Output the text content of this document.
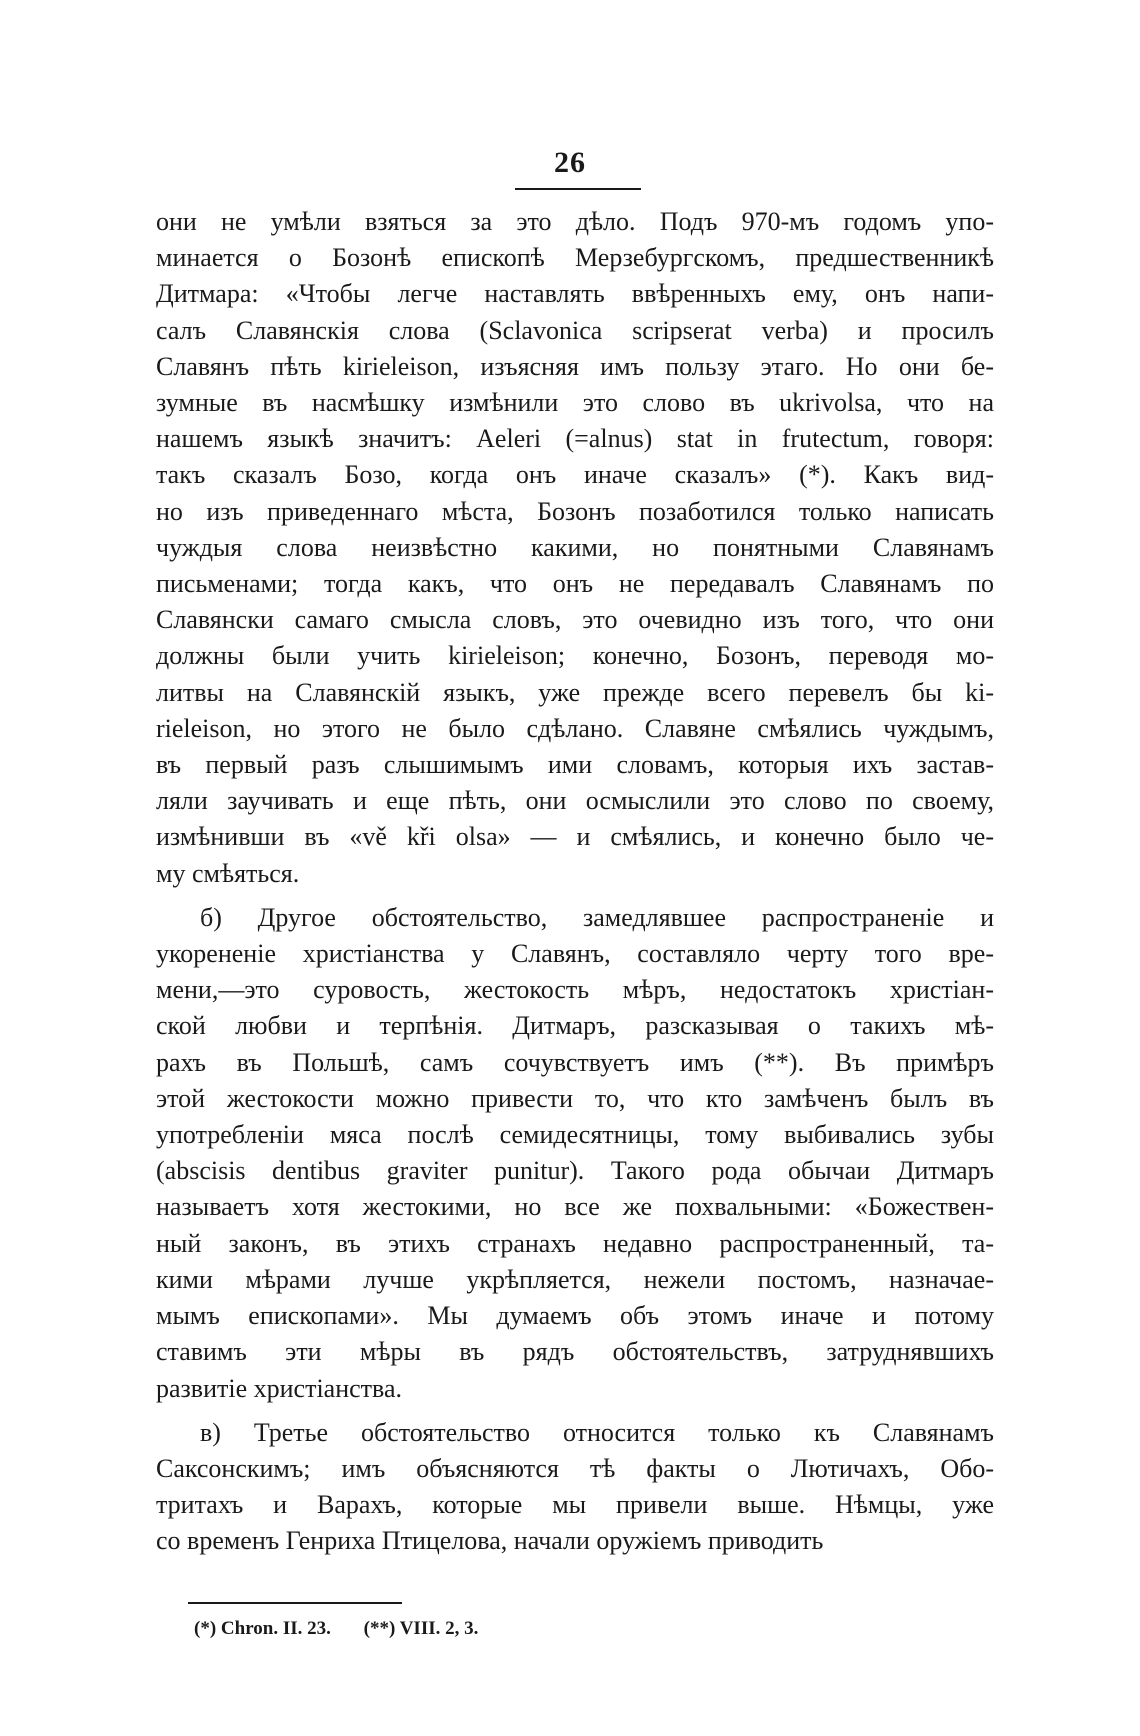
26
они не умѣли взяться за это дѣло. Подъ 970-мъ годомъ упо-
минается о Бозонѣ епископѣ Мерзебургскомъ, предшественникѣ
Дитмара: «Чтобы легче наставлять ввѣренныхъ ему, онъ напи-
салъ Славянскія слова (Sclavonica scripserat verba) и просилъ
Славянъ пѣть kirieleison, изъясняя имъ пользу этаго. Но они бе-
зумные въ насмѣшку измѣнили это слово въ ukrivolsa, что на
нашемъ языкѣ значитъ: Aeleri (=alnus) stat in frutectum, говоря:
такъ сказалъ Бозо, когда онъ иначе сказалъ» (*). Какъ вид-
но изъ приведеннаго мѣста, Бозонъ позаботился только написать
чуждыя слова неизвѣстно какими, но понятными Славянамъ
письменами; тогда какъ, что онъ не передавалъ Славянамъ по
Славянски самаго смысла словъ, это очевидно изъ того, что они
должны были учить kirieleison; конечно, Бозонъ, переводя мо-
литвы на Славянскій языкъ, уже прежде всего перевелъ бы ki-
rieleison, но этого не было сдѣлано. Славяне смѣялись чуждымъ,
въ первый разъ слышимымъ ими словамъ, которыя ихъ застав-
ляли заучивать и еще пѣть, они осмыслили это слово по своему,
измѣнивши въ «vě křі olsa» — и смѣялись, и конечно было че-
му смѣяться.
б) Другое обстоятельство, замедлявшее распространеніе и
укорененіе христіанства у Славянъ, составляло черту того вре-
мени,—это суровость, жестокость мѣръ, недостатокъ христіан-
ской любви и терпѣнія. Дитмаръ, разсказывая о такихъ мѣ-
рахъ въ Польшѣ, самъ сочувствуетъ имъ (**). Въ примѣръ
этой жестокости можно привести то, что кто замѣченъ былъ въ
употребленіи мяса послѣ семидесятницы, тому выбивались зубы
(abscisis dentibus graviter punitur). Такого рода обычаи Дитмаръ
называетъ хотя жестокими, но все же похвальными: «Божествен-
ный законъ, въ этихъ странахъ недавно распространенный, та-
кими мѣрами лучше укрѣпляется, нежели постомъ, назначае-
мымъ епископами». Мы думаемъ объ этомъ иначе и потому
ставимъ эти мѣры въ рядъ обстоятельствъ, затруднявшихъ
развитіе христіанства.
в) Третье обстоятельство относится только къ Славянамъ
Саксонскимъ; имъ объясняются тѣ факты о Лютичахъ, Обо-
тритахъ и Варахъ, которые мы привели выше. Нѣмцы, уже
со временъ Генриха Птицелова, начали оружіемъ приводить
(*) Chron. II. 23. (**) VIII. 2, 3.
